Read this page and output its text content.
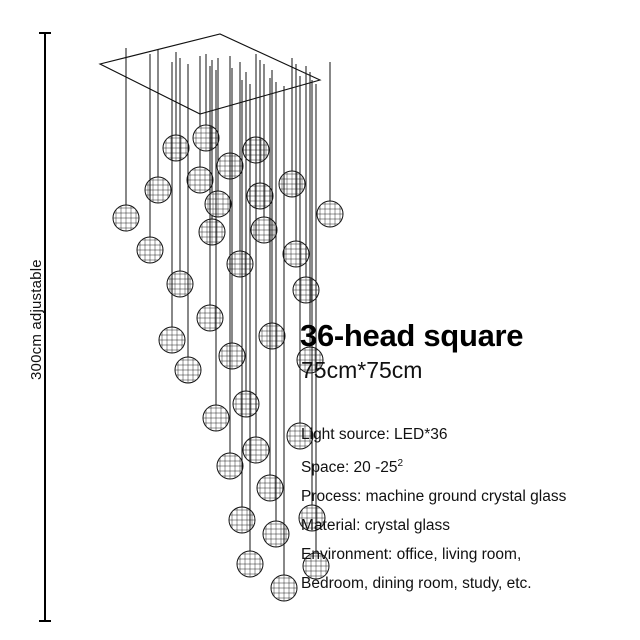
300cm adjustable	36-head square
75cm*75cm
Light source: LED*36
Space: 20 $-25^2$
Process: machine ground crystal glass
Material: crystal glass
Environment: office, living room,
Bedroom, dining room, study, etc.
